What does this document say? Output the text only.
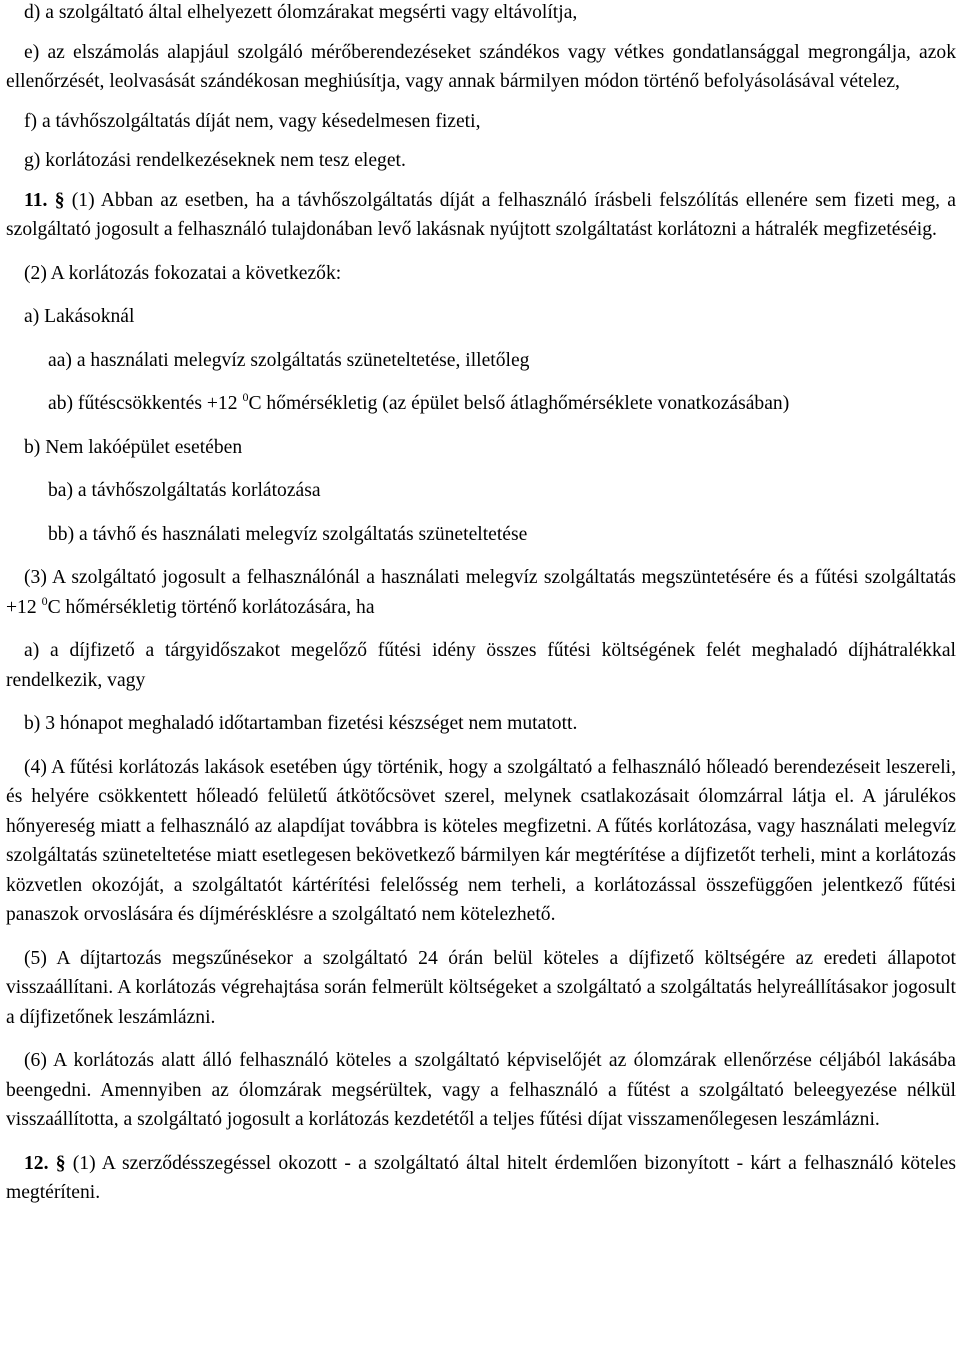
d) a szolgáltató által elhelyezett ólomzárakat megsérti vagy eltávolítja,

e) az elszámolás alapjául szolgáló mérőberendezéseket szándékos vagy vétkes gondatlansággal megrongálja, azok ellenőrzését, leolvasását szándékosan meghiúsítja, vagy annak bármilyen módon történő befolyásolásával vételez,

f) a távhőszolgáltatás díját nem, vagy késedelmesen fizeti,

g) korlátozási rendelkezéseknek nem tesz eleget.

11. § (1) Abban az esetben, ha a távhőszolgáltatás díját a felhasználó írásbeli felszólítás ellenére sem fizeti meg, a szolgáltató jogosult a felhasználó tulajdonában levő lakásnak nyújtott szolgáltatást korlátozni a hátralék megfizetéséig.

(2) A korlátozás fokozatai a következők:

a) Lakásoknál

aa) a használati melegvíz szolgáltatás szüneteltetése, illetőleg

ab) fűtéscsökkentés +12 $^0$C hőmérsékletig (az épület belső átlaghőmérséklete vonatkozásában)

b) Nem lakóépület esetében

ba) a távhőszolgáltatás korlátozása

bb) a távhő és használati melegvíz szolgáltatás szüneteltetése

(3) A szolgáltató jogosult a felhasználónál a használati melegvíz szolgáltatás megszüntetésére és a fűtési szolgáltatás +12 $^0$C hőmérsékletig történő korlátozására, ha

a) a díjfizető a tárgyidőszakot megelőző fűtési idény összes fűtési költségének felét meghaladó díjhátralékkal rendelkezik, vagy

b) 3 hónapot meghaladó időtartamban fizetési készséget nem mutatott.

(4) A fűtési korlátozás lakások esetében úgy történik, hogy a szolgáltató a felhasználó hőleadó berendezéseit leszereli, és helyére csökkentett hőleadó felületű átkötőcsövet szerel, melynek csatlakozásait ólomzárral látja el. A járulékos hőnyereség miatt a felhasználó az alapdíjat továbbra is köteles megfizetni. A fűtés korlátozása, vagy használati melegvíz szolgáltatás szüneteltetése miatt esetlegesen bekövetkező bármilyen kár megtérítése a díjfizetőt terheli, mint a korlátozás közvetlen okozóját, a szolgáltatót kártérítési felelősség nem terheli, a korlátozással összefüggően jelentkező fűtési panaszok orvoslására és díjmérésklésre a szolgáltató nem kötelezhető.

(5) A díjtartozás megszűnésekor a szolgáltató 24 órán belül köteles a díjfizető költségére az eredeti állapotot visszaállítani. A korlátozás végrehajtása során felmerült költségeket a szolgáltató a szolgáltatás helyreállításakor jogosult a díjfizetőnek leszámlázni.

(6) A korlátozás alatt álló felhasználó köteles a szolgáltató képviselőjét az ólomzárak ellenőrzése céljából lakásába beengedni. Amennyiben az ólomzárak megsérültek, vagy a felhasználó a fűtést a szolgáltató beleegyezése nélkül visszaállította, a szolgáltató jogosult a korlátozás kezdetétől a teljes fűtési díjat visszamenőlegesen leszámlázni.

12. § (1) A szerződésszegéssel okozott - a szolgáltató által hitelt érdemlően bizonyított - kárt a felhasználó köteles megtéríteni.
